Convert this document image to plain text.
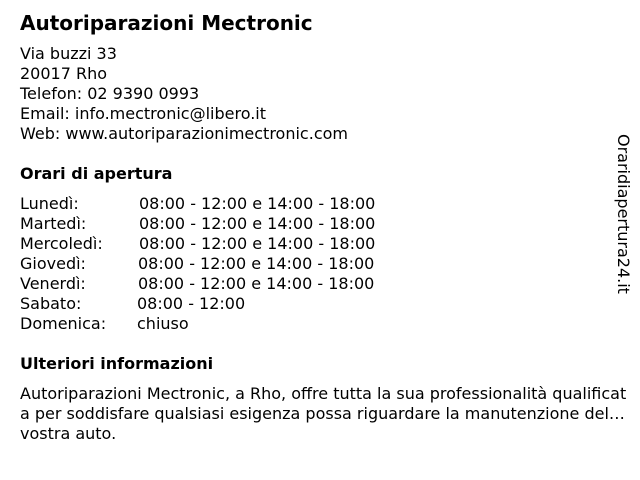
Autoriparazioni Mectronic
Via buzzi 33
20017 Rho
Telefon: 02 9390 0993
Email: info.mectronic@libero.it
Web: www.autoriparazionimectronic.com
Orari di apertura
Lunedì:	08:00 - 12:00 e 14:00 - 18:00
Martedì:	08:00 - 12:00 e 14:00 - 18:00
Mercoledì: 08:00 - 12:00 e 14:00 - 18:00
Giovedì:	08:00 - 12:00 e 14:00 - 18:00
Venerdì:	08:00 - 12:00 e 14:00 - 18:00
Sabato:	08:00 - 12:00
Domenica: chiuso
Ulteriori informazioni
Autoriparazioni Mectronic, a Rho, offre tutta la sua professionalità qualificata per soddisfare qualsiasi esigenza possa riguardare la manutenzione della vostra auto.
Oraridiapertura24.it
